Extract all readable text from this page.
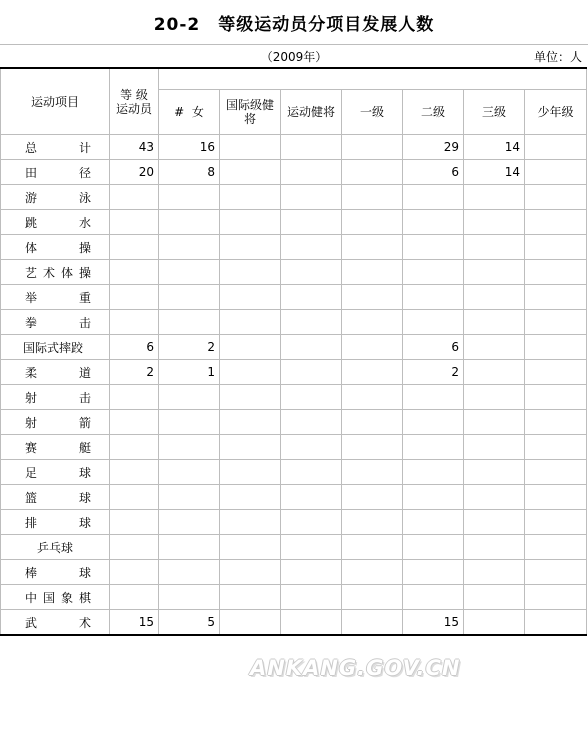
20-2 等级运动员分项目发展人数
（2009年）	单位：人
运动项目	等 级
运动员							
		#  女	国际级健将	运动健将	一级	二级	三级	少年级
总 计	43	16				29	14	
田 径	20	8				6	14	
游 泳								
跳 水								
体 操								
艺术体操								
举 重								
拳 击								
国际式摔跤	6	2				6		
柔 道	2	1				2		
射 击								
射 箭								
赛 艇								
足 球								
篮 球								
排 球								
乒乓球								
棒 球								
中国象棋								
武 术	15	5				15		
ANKANG.GOV.CN
